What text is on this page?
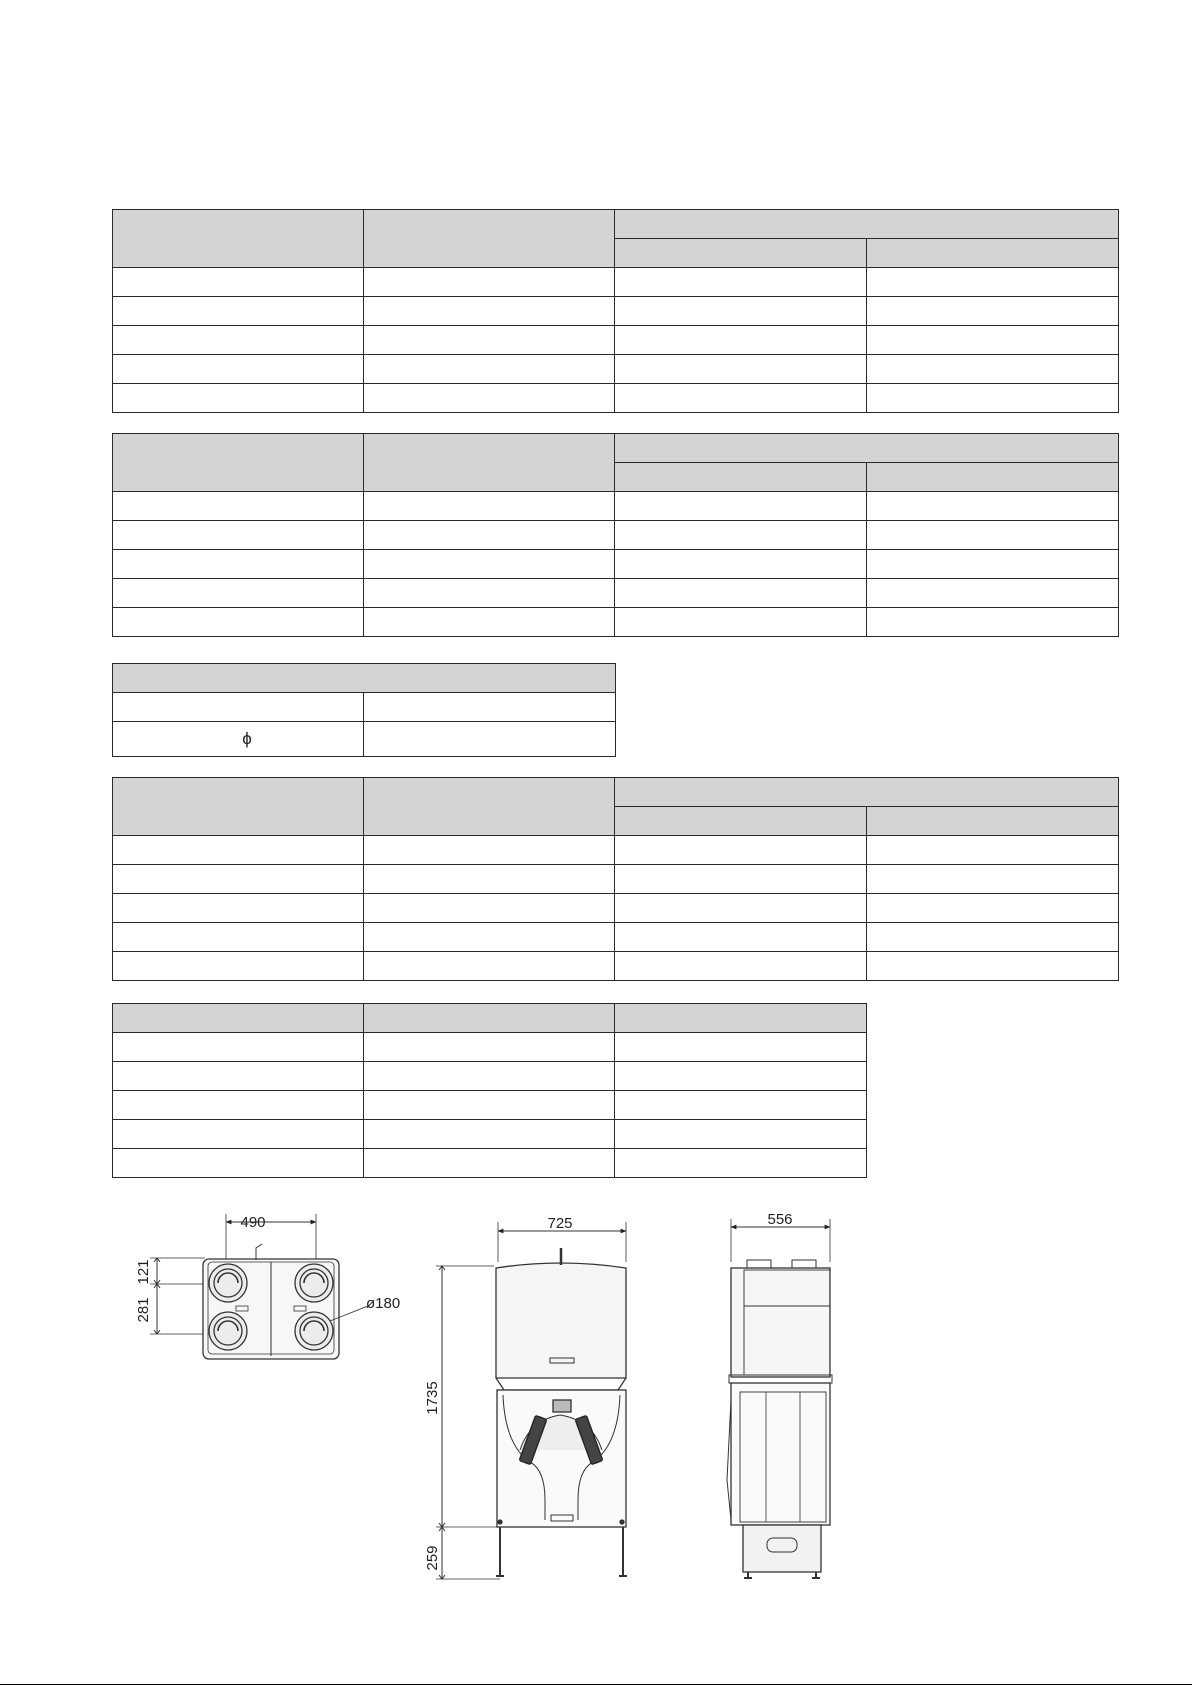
ϕ	

490
121
281	ø180
725
1735
259
556
